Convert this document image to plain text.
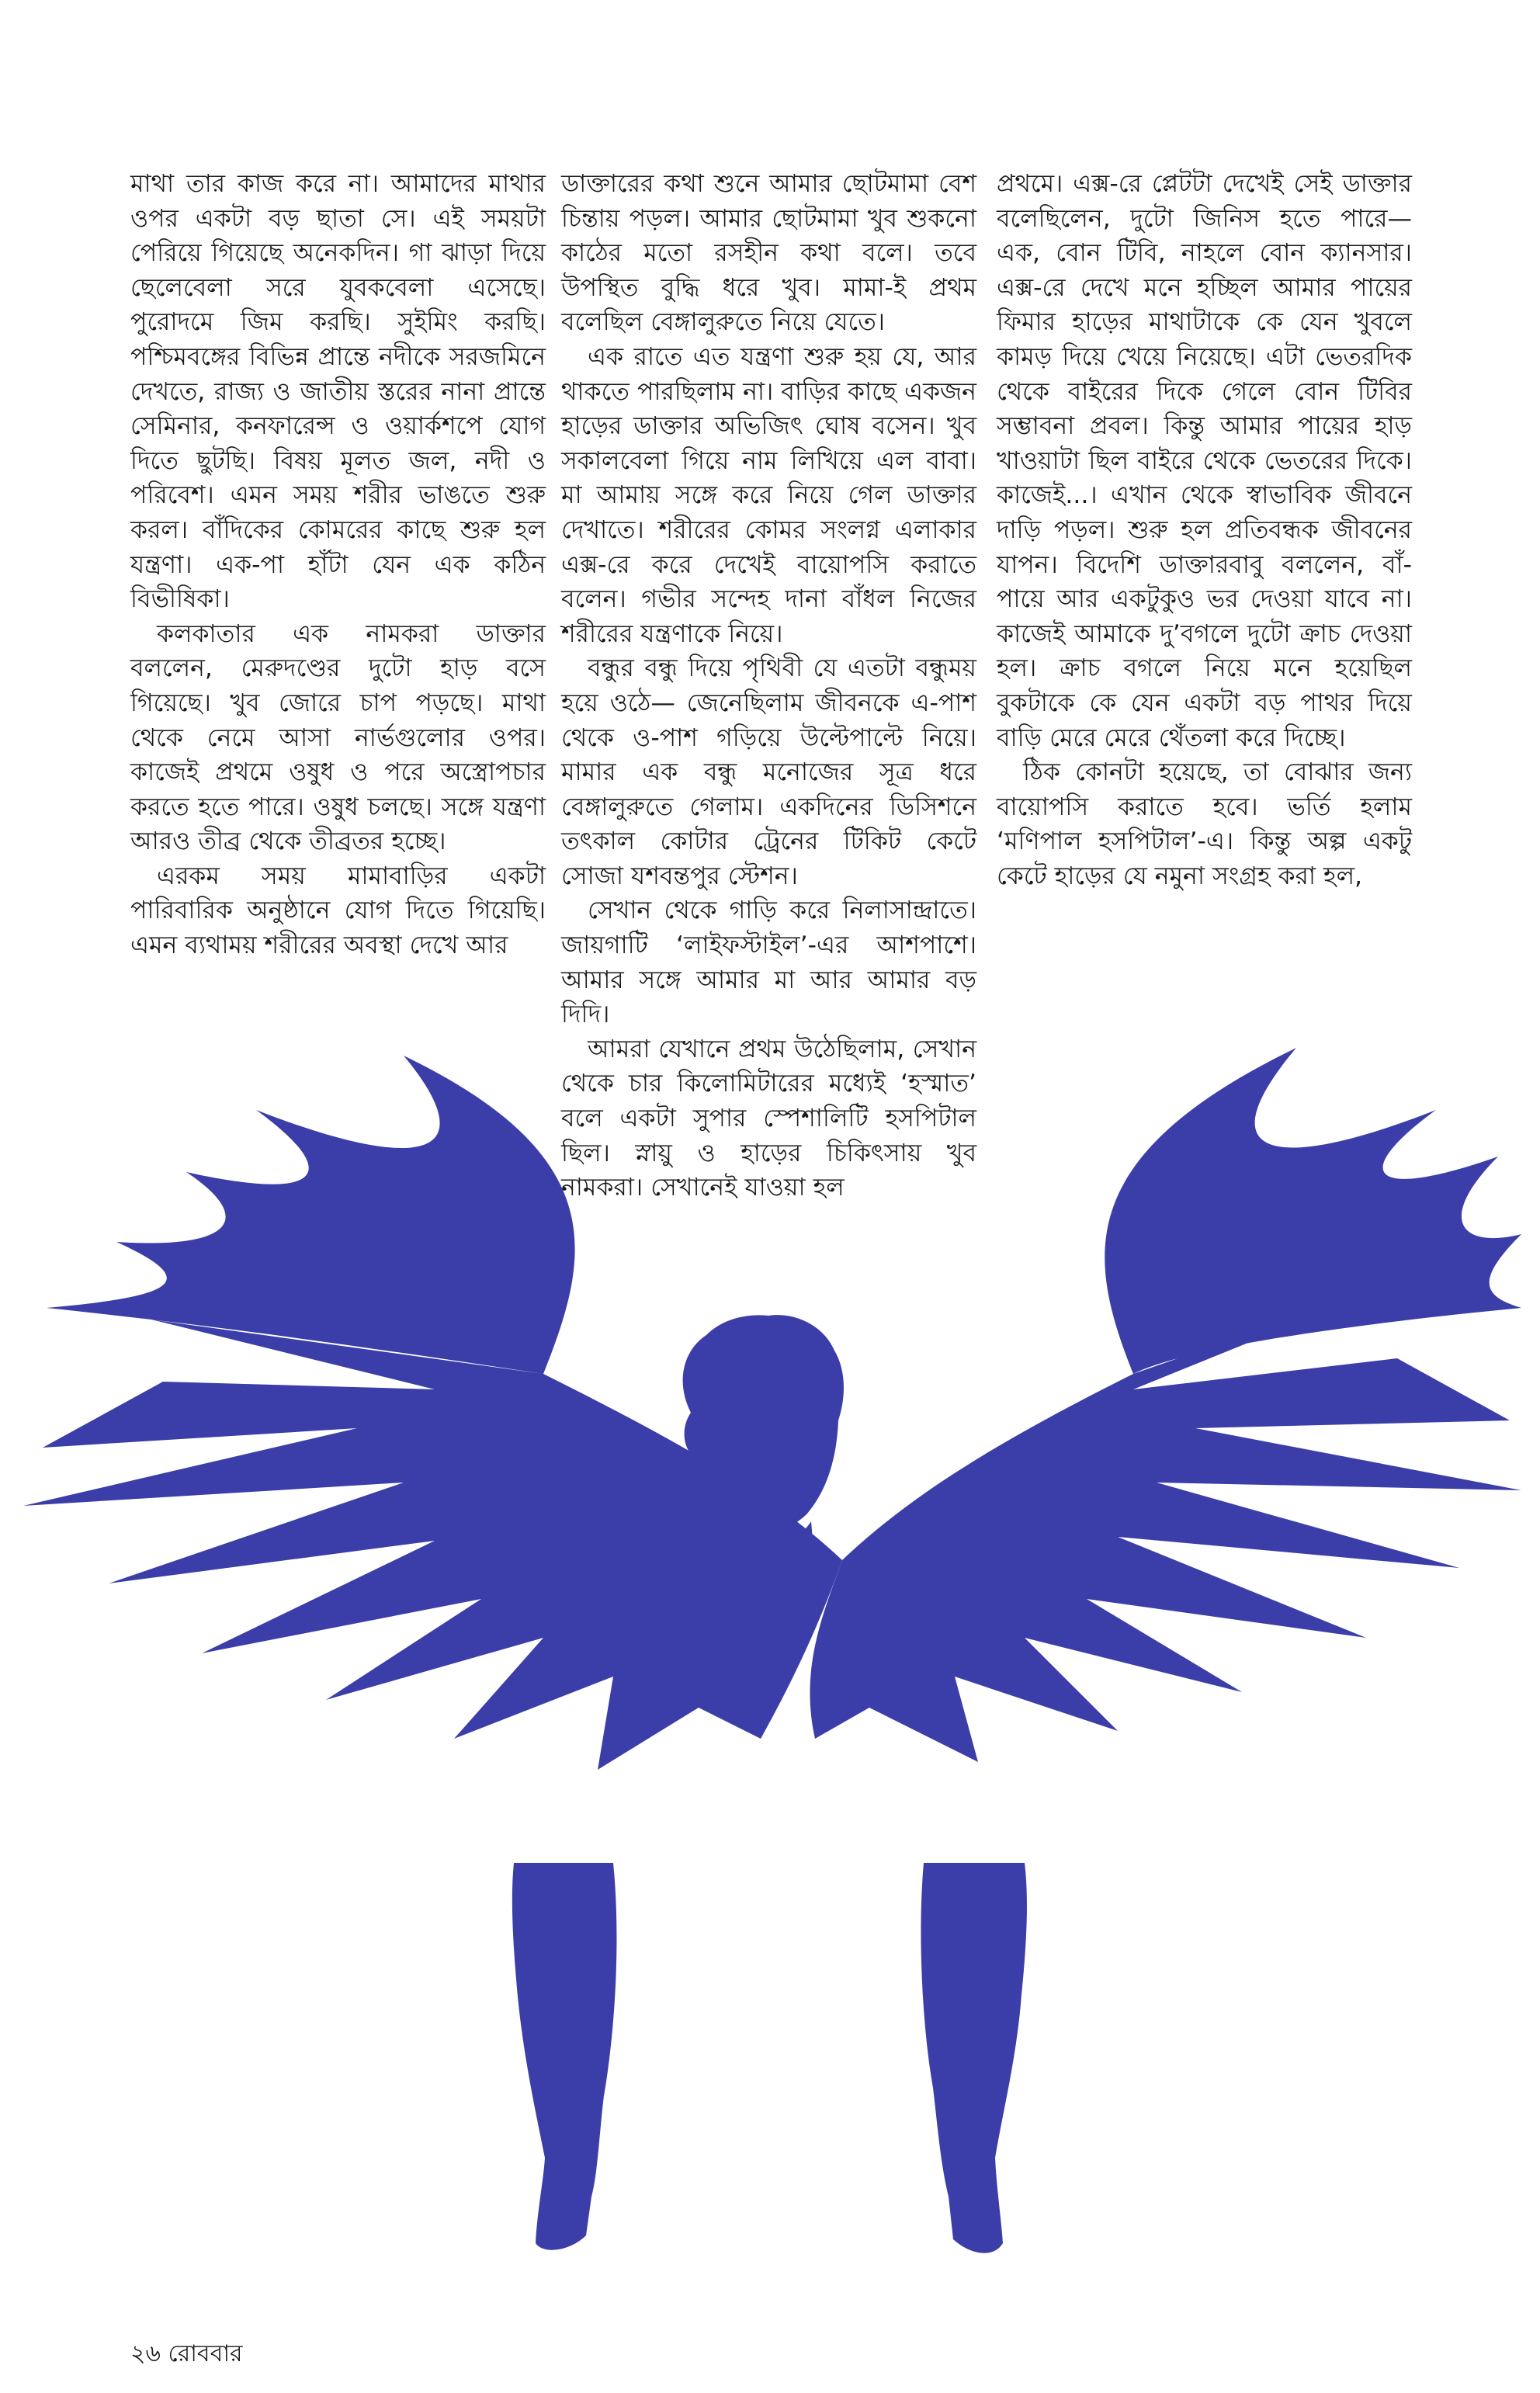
মাথা তার কাজ করে না। আমাদের মাথার ওপর একটা বড় ছাতা সে। এই সময়টা পেরিয়ে গিয়েছে অনেকদিন। গা ঝাড়া দিয়ে ছেলেবেলা সরে যুবকবেলা এসেছে। পুরোদমে জিম করছি। সুইমিং করছি। পশ্চিমবঙ্গের বিভিন্ন প্রান্তে নদীকে সরজমিনে দেখতে, রাজ্য ও জাতীয় স্তরের নানা প্রান্তে সেমিনার, কনফারেন্স ও ওয়ার্কশপে যোগ দিতে ছুটছি। বিষয় মূলত জল, নদী ও পরিবেশ। এমন সময় শরীর ভাঙতে শুরু করল। বাঁদিকের কোমরের কাছে শুরু হল যন্ত্রণা। এক-পা হাঁটা যেন এক কঠিন বিভীষিকা।

কলকাতার এক নামকরা ডাক্তার বললেন, মেরুদণ্ডের দুটো হাড় বসে গিয়েছে। খুব জোরে চাপ পড়ছে। মাথা থেকে নেমে আসা নার্ভগুলোর ওপর। কাজেই প্রথমে ওষুধ ও পরে অস্ত্রোপচার করতে হতে পারে। ওষুধ চলছে। সঙ্গে যন্ত্রণা আরও তীব্র থেকে তীব্রতর হচ্ছে।

এরকম সময় মামাবাড়ির একটা পারিবারিক অনুষ্ঠানে যোগ দিতে গিয়েছি। এমন ব্যথাময় শরীরের অবস্থা দেখে আর

ডাক্তারের কথা শুনে আমার ছোটমামা বেশ চিন্তায় পড়ল। আমার ছোটমামা খুব শুকনো কাঠের মতো রসহীন কথা বলে। তবে উপস্থিত বুদ্ধি ধরে খুব। মামা-ই প্রথম বলেছিল বেঙ্গালুরুতে নিয়ে যেতে।

এক রাতে এত যন্ত্রণা শুরু হয় যে, আর থাকতে পারছিলাম না। বাড়ির কাছে একজন হাড়ের ডাক্তার অভিজিৎ ঘোষ বসেন। খুব সকালবেলা গিয়ে নাম লিখিয়ে এল বাবা। মা আমায় সঙ্গে করে নিয়ে গেল ডাক্তার দেখাতে। শরীরের কোমর সংলগ্ন এলাকার এক্স-রে করে দেখেই বায়োপসি করাতে বলেন। গভীর সন্দেহ দানা বাঁধল নিজের শরীরের যন্ত্রণাকে নিয়ে।

বন্ধুর বন্ধু দিয়ে পৃথিবী যে এতটা বন্ধুময় হয়ে ওঠে— জেনেছিলাম জীবনকে এ-পাশ থেকে ও-পাশ গড়িয়ে উল্টেপাল্টে নিয়ে। মামার এক বন্ধু মনোজের সূত্র ধরে বেঙ্গালুরুতে গেলাম। একদিনের ডিসিশনে তৎকাল কোটার ট্রেনের টিকিট কেটে সোজা যশবন্তপুর স্টেশন।

সেখান থেকে গাড়ি করে নিলাসান্দ্রাতে। জায়গাটি ‘লাইফস্টাইল’-এর আশপাশে। আমার সঙ্গে আমার মা আর আমার বড় দিদি।

আমরা যেখানে প্রথম উঠেছিলাম, সেখান থেকে চার কিলোমিটারের মধ্যেই ‘হস্মাত’ বলে একটা সুপার স্পেশালিটি হসপিটাল ছিল। স্নায়ু ও হাড়ের চিকিৎসায় খুব নামকরা। সেখানেই যাওয়া হল

প্রথমে। এক্স-রে প্লেটটা দেখেই সেই ডাক্তার বলেছিলেন, দুটো জিনিস হতে পারে— এক, বোন টিবি, নাহলে বোন ক্যানসার। এক্স-রে দেখে মনে হচ্ছিল আমার পায়ের ফিমার হাড়ের মাথাটাকে কে যেন খুবলে কামড় দিয়ে খেয়ে নিয়েছে। এটা ভেতরদিক থেকে বাইরের দিকে গেলে বোন টিবির সম্ভাবনা প্রবল। কিন্তু আমার পায়ের হাড় খাওয়াটা ছিল বাইরে থেকে ভেতরের দিকে। কাজেই...। এখান থেকে স্বাভাবিক জীবনে দাড়ি পড়ল। শুরু হল প্রতিবন্ধক জীবনের যাপন। বিদেশি ডাক্তারবাবু বললেন, বাঁ-পায়ে আর একটুকুও ভর দেওয়া যাবে না। কাজেই আমাকে দু’বগলে দুটো ক্রাচ দেওয়া হল। ক্রাচ বগলে নিয়ে মনে হয়েছিল বুকটাকে কে যেন একটা বড় পাথর দিয়ে বাড়ি মেরে মেরে থেঁতলা করে দিচ্ছে।

ঠিক কোনটা হয়েছে, তা বোঝার জন্য বায়োপসি করাতে হবে। ভর্তি হলাম ‘মণিপাল হসপিটাল’-এ। কিন্তু অল্প একটু কেটে হাড়ের যে নমুনা সংগ্রহ করা হল,

২৬ রোববার
